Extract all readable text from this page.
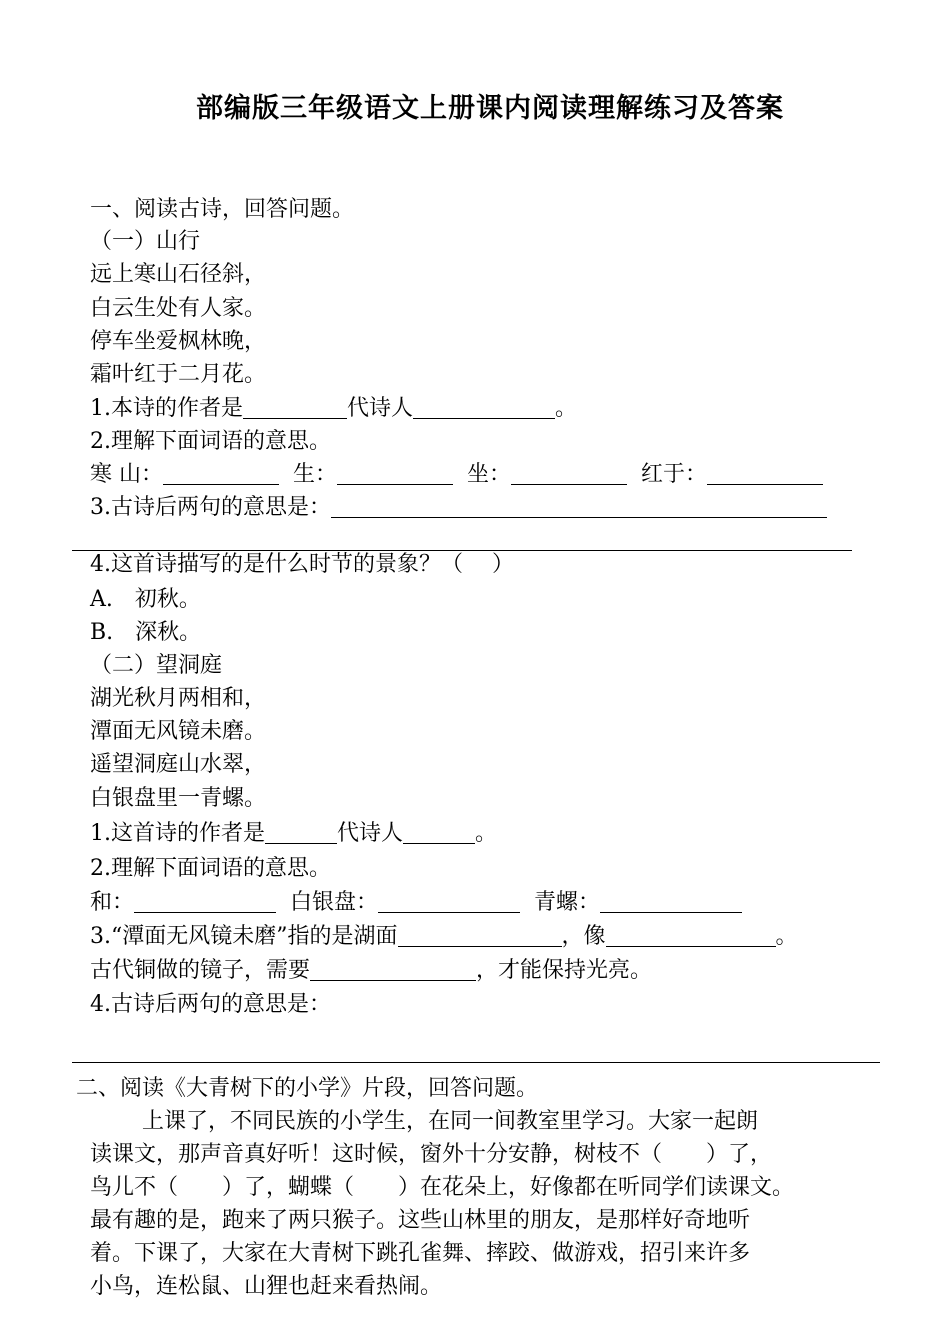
部编版三年级语文上册课内阅读理解练习及答案
一、阅读古诗，回答问题。
（一）山行
远上寒山石径斜，
白云生处有人家。
停车坐爱枫林晚，
霜叶红于二月花。
1.本诗的作者是	代诗人	。
2.理解下面词语的意思。
寒 山：	生：	坐：	红于：
3.古诗后两句的意思是：
4.这首诗描写的是什么时节的景象？（　 ）
A.　初秋。
B.　深秋。
（二）望洞庭
湖光秋月两相和，
潭面无风镜未磨。
遥望洞庭山水翠，
白银盘里一青螺。
1.这首诗的作者是	代诗人	。
2.理解下面词语的意思。
和：	白银盘：	青螺：
3.“潭面无风镜未磨”指的是湖面	，像	。
古代铜做的镜子，需要	，才能保持光亮。
4.古诗后两句的意思是：
二、阅读《大青树下的小学》片段，回答问题。
上课了，不同民族的小学生，在同一间教室里学习。大家一起朗
读课文，那声音真好听！这时候，窗外十分安静，树枝不（　　）了，
鸟儿不（　　）了，蝴蝶（　　）在花朵上，好像都在听同学们读课文。
最有趣的是，跑来了两只猴子。这些山林里的朋友，是那样好奇地听
着。下课了，大家在大青树下跳孔雀舞、摔跤、做游戏，招引来许多
小鸟，连松鼠、山狸也赶来看热闹。
